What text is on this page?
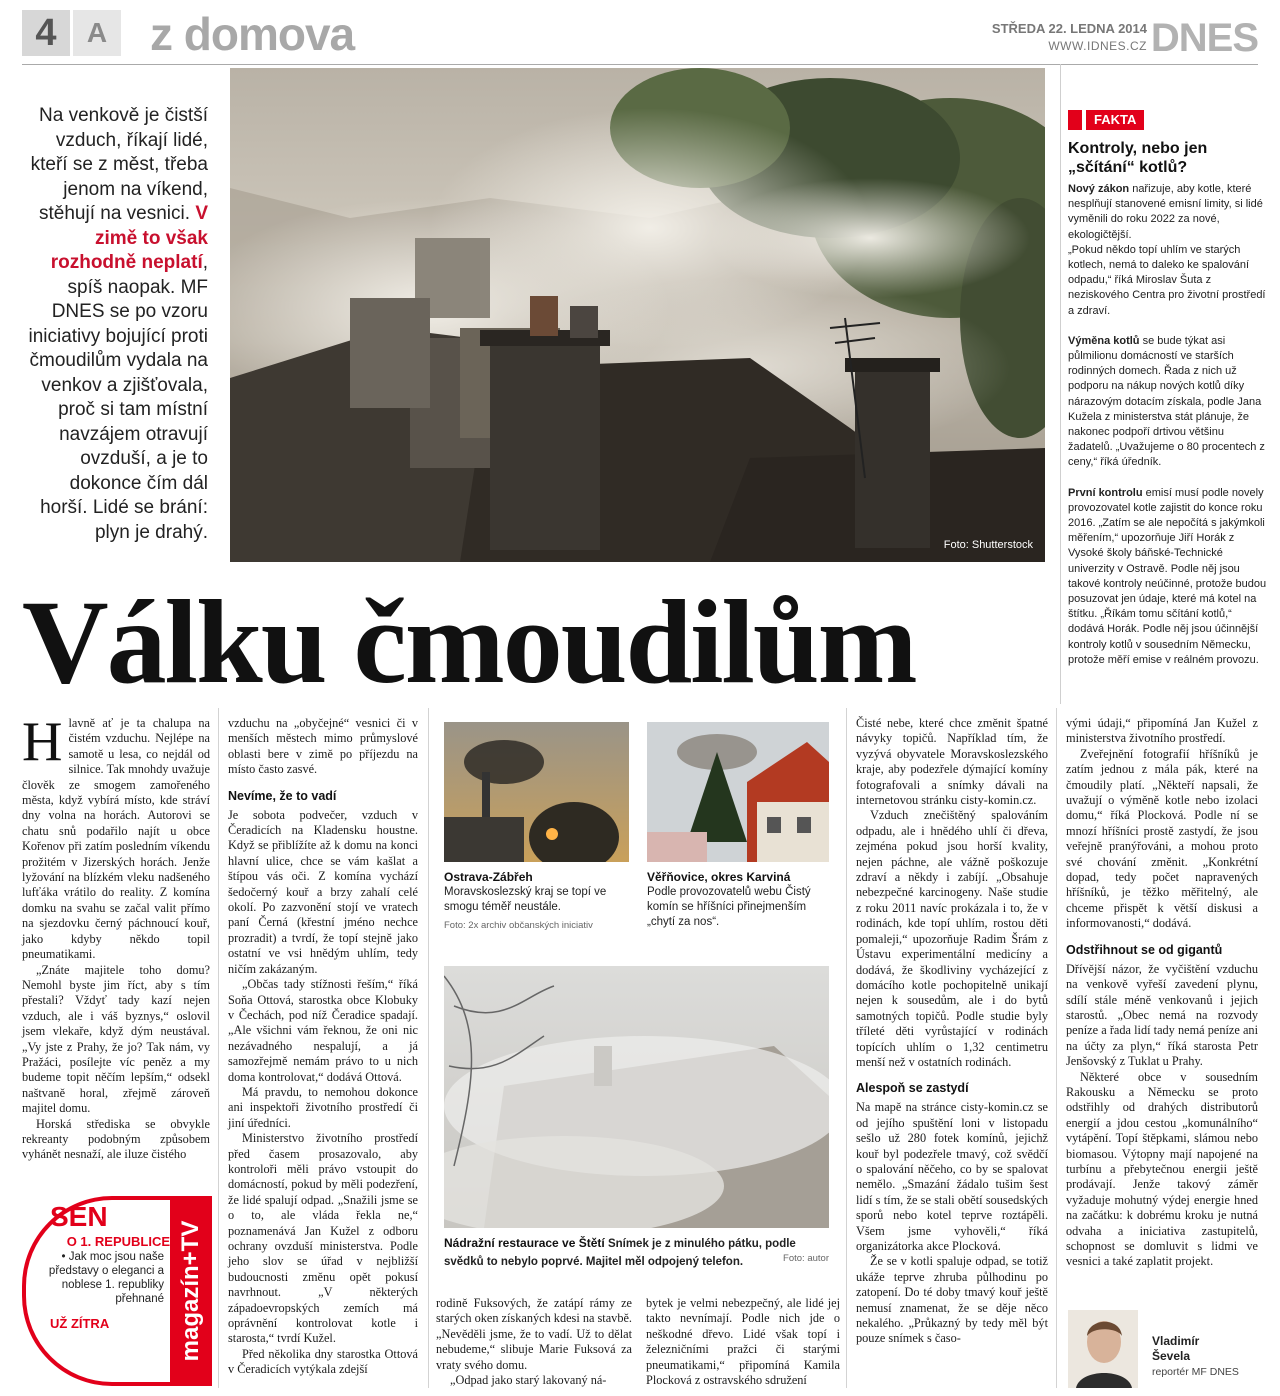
4	A z domova	STŘEDA 22. LEDNA 2014
WWW.IDNES.CZ DNES
Na venkově je čistší vzduch, říkají lidé, kteří se z měst, třeba jenom na víkend, stěhují na vesnici. V zimě to však rozhodně neplatí, spíš naopak. MF DNES se po vzoru iniciativy bojující proti čmoudilům vydala na venkov a zjišťovala, proč si tam místní navzájem otravují ovzduší, a je to dokonce čím dál horší. Lidé se brání: plyn je drahý.
Foto: Shutterstock
Válku čmoudilům
FAKTA
Kontroly, nebo jen „sčítání“ kotlů?

Nový zákon nařizuje, aby kotle, které nesplňují stanovené emisní limity, si lidé vyměnili do roku 2022 za nové, ekologičtější.
„Pokud někdo topí uhlím ve starých kotlech, nemá to daleko ke spalování odpadu,“ říká Miroslav Šuta z neziskového Centra pro životní prostředí a zdraví.

Výměna kotlů se bude týkat asi půlmilionu domácností ve starších rodinných domech. Řada z nich už podporu na nákup nových kotlů díky nárazovým dotacím získala, podle Jana Kužela z ministerstva stát plánuje, že nakonec podpoří drtivou většinu žadatelů. „Uvažujeme o 80 procentech z ceny,“ říká úředník.

První kontrolu emisí musí podle novely provozovatel kotle zajistit do konce roku 2016. „Zatím se ale nepočítá s jakýmkoli měřením,“ upozorňuje Jiří Horák z Vysoké školy báňské-Technické univerzity v Ostravě. Podle něj jsou takové kontroly neúčinné, protože budou posuzovat jen údaje, které má kotel na štítku. „Říkám tomu sčítání kotlů,“ dodává Horák. Podle něj jsou účinnější kontroly kotlů v sousedním Německu, protože měří emise v reálném provozu.

Hlavně ať je ta chalupa na čistém vzduchu. Nejlépe na samotě u lesa, co nejdál od silnice. Tak mnohdy uvažuje člověk ze smogem zamořeného města, když vybírá místo, kde stráví dny volna na horách. Autorovi se chatu snů podařilo najít u obce Kořenov při zatím posledním víkendu prožitém v Jizerských horách. Jenže lyžování na blízkém vleku nadšeného lufťáka vrátilo do reality. Z komína domku na svahu se začal valit přímo na sjezdovku černý páchnoucí kouř, jako kdyby někdo topil pneumatikami.

„Znáte majitele toho domu? Nemohl byste jim říct, aby s tím přestali? Vždyť tady kazí nejen vzduch, ale i váš byznys,“ oslovil jsem vlekaře, když dým neustával. „Vy jste z Prahy, že jo? Tak nám, vy Pražáci, posílejte víc peněz a my budeme topit něčím lepším,“ odsekl naštvaně horal, zřejmě zároveň majitel domu.

Horská střediska se obvykle rekreanty podobným způsobem vyhánět nesnaží, ale iluze čistého

SEN
O 1. REPUBLICE
• Jak moc jsou naše představy o eleganci a noblese 1. republiky přehnané
UŽ ZÍTRA	magazín+TV

vzduchu na „obyčejné“ vesnici či v menších městech mimo průmyslové oblasti bere v zimě po příjezdu na místo často zasvé.

Nevíme, že to vadí

Je sobota podvečer, vzduch v Čeradicích na Kladensku houstne. Když se přiblížíte až k domu na konci hlavní ulice, chce se vám kašlat a štípou vás oči. Z komína vychází šedočerný kouř a brzy zahalí celé okolí. Po zazvonění stojí ve vratech paní Černá (křestní jméno nechce prozradit) a tvrdí, že topí stejně jako ostatní ve vsi hnědým uhlím, tedy ničím zakázaným.

„Občas tady stížnosti řeším,“ říká Soňa Ottová, starostka obce Klobuky v Čechách, pod níž Čeradice spadají. „Ale všichni vám řeknou, že oni nic nezávadného nespalují, a já samozřejmě nemám právo to u nich doma kontrolovat,“ dodává Ottová.

Má pravdu, to nemohou dokonce ani inspektoři životního prostředí či jiní úředníci.

Ministerstvo životního prostředí před časem prosazovalo, aby kontroloři měli právo vstoupit do domácností, pokud by měli podezření, že lidé spalují odpad. „Snažili jsme se o to, ale vláda řekla ne,“ poznamenává Jan Kužel z odboru ochrany ovzduší ministerstva. Podle jeho slov se úřad v nejbližší budoucnosti změnu opět pokusí navrhnout. „V některých západoevropských zemích má oprávnění kontrolovat kotle i starosta,“ tvrdí Kužel.

Před několika dny starostka Ottová v Čeradicích vytýkala zdejší

Ostrava-Zábřeh
Moravskoslezský kraj se topí ve smogu téměř neustále.
Foto: 2x archiv občanských iniciativ
Věřňovice, okres Karviná
Podle provozovatelů webu Čistý komín se hříšníci přinejmenším „chytí za nos“.
Nádražní restaurace ve Štětí Snímek je z minulého pátku, podle svědků to nebylo poprvé. Majitel měl odpojený telefon.	Foto: autor

rodině Fuksových, že zatápí rámy ze starých oken získaných kdesi na stavbě. „Nevěděli jsme, že to vadí. Už to dělat nebudeme,“ slibuje Marie Fuksová za vraty svého domu.

„Odpad jako starý lakovaný ná-

bytek je velmi nebezpečný, ale lidé jej takto nevnímají. Podle nich jde o neškodné dřevo. Lidé však topí i železničními pražci či starými pneumatikami,“ připomíná Kamila Plocková z ostravského sdružení

Čisté nebe, které chce změnit špatné návyky topičů. Například tím, že vyzývá obyvatele Moravskoslezského kraje, aby podezřele dýmající komíny fotografovali a snímky dávali na internetovou stránku cisty-komin.cz.

Vzduch znečištěný spalováním odpadu, ale i hnědého uhlí či dřeva, zejména pokud jsou horší kvality, nejen páchne, ale vážně poškozuje zdraví a někdy i zabíjí. „Obsahuje nebezpečné karcinogeny. Naše studie z roku 2011 navíc prokázala i to, že v rodinách, kde topí uhlím, rostou děti pomaleji,“ upozorňuje Radim Šrám z Ústavu experimentální medicíny a dodává, že škodliviny vycházející z domácího kotle pochopitelně unikají nejen k sousedům, ale i do bytů samotných topičů. Podle studie byly tříleté děti vyrůstající v rodinách topících uhlím o 1,32 centimetru menší než v ostatních rodinách.

Alespoň se zastydí

Na mapě na stránce cisty-komin.cz se od jejího spuštění loni v listopadu sešlo už 280 fotek komínů, jejichž kouř byl podezřele tmavý, což svědčí o spalování něčeho, co by se spalovat nemělo. „Smazání žádalo tušim šest lidí s tím, že se stali obětí sousedských sporů nebo kotel teprve roztápěli. Všem jsme vyhověli,“ říká organizátorka akce Plocková.

Že se v kotli spaluje odpad, se totiž ukáže teprve zhruba půlhodinu po zatopení. Do té doby tmavý kouř ještě nemusí znamenat, že se děje něco nekalého. „Průkazný by tedy měl být pouze snímek s časo-

vými údaji,“ připomíná Jan Kužel z ministerstva životního prostředí.

Zveřejnění fotografií hříšníků je zatím jednou z mála pák, které na čmoudily platí. „Někteří napsali, že uvažují o výměně kotle nebo izolaci domu,“ říká Plocková. Podle ní se mnozí hříšníci prostě zastydí, že jsou veřejně pranýřováni, a mohou proto své chování změnit. „Konkrétní dopad, tedy počet napravených hříšníků, je těžko měřitelný, ale chceme přispět k větší diskusi a informovanosti,“ dodává.

Odstřihnout se od gigantů

Dřívější názor, že vyčištění vzduchu na venkově vyřeší zavedení plynu, sdílí stále méně venkovanů i jejich starostů. „Obec nemá na rozvody peníze a řada lidí tady nemá peníze ani na účty za plyn,“ říká starosta Petr Jenšovský z Tuklat u Prahy.

Některé obce v sousedním Rakousku a Německu se proto odstřihly od drahých distributorů energií a jdou cestou „komunálního“ vytápění. Topí štěpkami, slámou nebo biomasou. Výtopny mají napojené na turbínu a přebytečnou energii ještě prodávají. Jenže takový záměr vyžaduje mohutný výdej energie hned na začátku: k dobrému kroku je nutná odvaha a iniciativa zastupitelů, schopnost se domluvit s lidmi ve vesnici a také zaplatit projekt.

Vladimír
Ševela
reportér MF DNES
